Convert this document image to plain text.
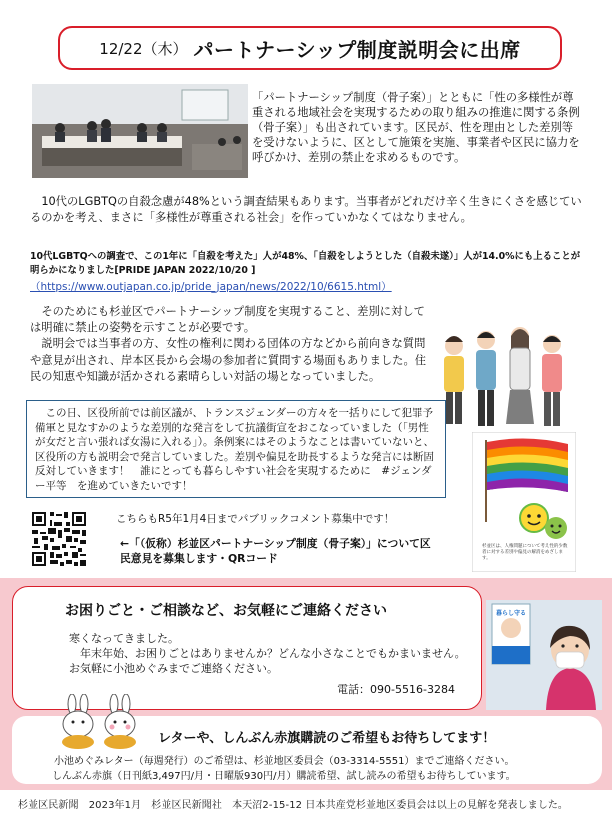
12/22（木） パートナーシップ制度説明会に出席
「パートナーシップ制度（骨子案）」とともに「性の多様性が尊重される地域社会を実現するための取り組みの推進に関する条例（骨子案）」も出されています。区民が、性を理由とした差別等を受けないように、区として施策を実施、事業者や区民に協力を呼びかけ、差別の禁止を求めるものです。
　10代のLGBTQの自殺念慮が48%という調査結果もあります。当事者がどれだけ辛く生きにくさを感じているのかを考え、まさに「多様性が尊重される社会」を作っていかなくてはなりません。
10代LGBTQへの調査で、この1年に「自殺を考えた」人が48%、「自殺をしようとした（自殺未遂）」人が14.0%にも上ることが明らかになりました[PRIDE JAPAN 2022/10/20 ]
（https://www.outjapan.co.jp/pride_japan/news/2022/10/6615.html）
　そのためにも杉並区でパートナーシップ制度を実現すること、差別に対しては明確に禁止の姿勢を示すことが必要です。
　説明会では当事者の方、女性の権利に関わる団体の方などから前向きな質問や意見が出され、岸本区長から会場の参加者に質問する場面もありました。住民の知恵や知識が活かされる素晴らしい対話の場となっていました。
　この日、区役所前では前区議が、トランスジェンダーの方々を一括りにして犯罪予備軍と見なすかのような差別的な発言をして抗議街宣をおこなっていました（「男性が女だと言い張れば女湯に入れる」）。条例案にはそのようなことは書いていないと、区役所の方も説明会で発言していました。差別や偏見を助長するような発言には断固反対していきます！　誰にとっても暮らしやすい社会を実現するために　#ジェンダー平等　を進めていきたいです！
杉並区は、人権問題について考え性的少数者に対する差別や偏見の解消をめざします。
こちらもR5年1月4日までパブリックコメント募集中です！
←「（仮称）杉並区パートナーシップ制度（骨子案）」について区民意見を募集します・QRコード
お困りごと・ご相談など、お気軽にご連絡ください
寒くなってきました。
　年末年始、お困りごとはありませんか？どんな小さなことでもかまいません。お気軽に小池めぐみまでご連絡ください。
電話：090-5516-3284
暮らし守る
レターや、しんぶん赤旗購読のご希望もお待ちしてます！
小池めぐみレター（毎週発行）のご希望は、杉並地区委員会（03-3314-5551）までご連絡ください。
しんぶん赤旗（日刊紙3,497円/月・日曜版930円/月）購読希望、試し読みの希望もお待ちしています。
杉並区民新聞　2023年1月　杉並区民新聞社　本天沼2-15-12 日本共産党杉並地区委員会は以上の見解を発表しました。
